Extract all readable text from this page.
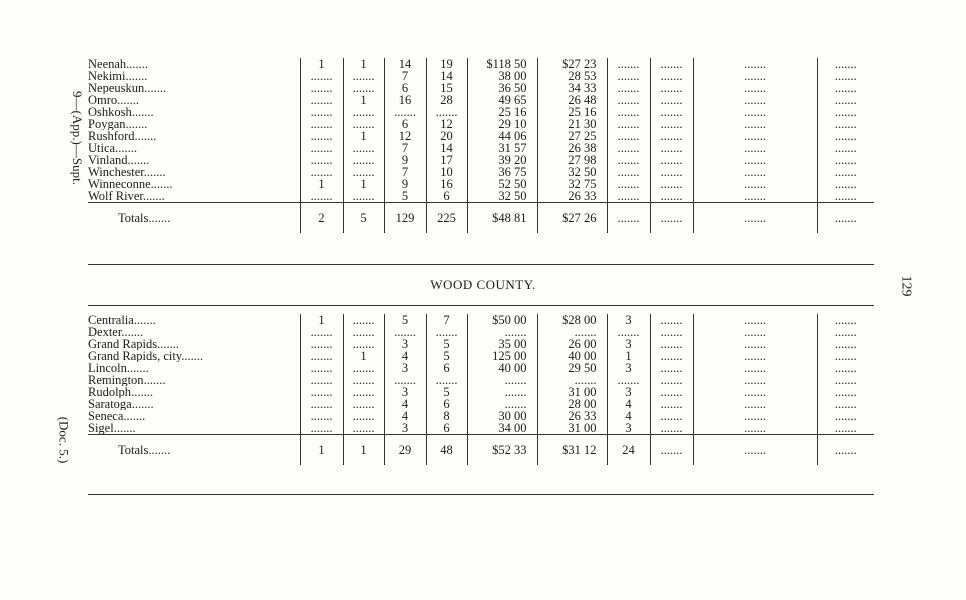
9—(App.)—Supt.
(Doc. 5.)
129
Neenah.......	1	1	14	19	$118 50	$27 23	.......	.......	.......	.......
Nekimi.......	.......	.......	7	14	38 00	28 53	.......	.......	.......	.......
Nepeuskun.......	.......	.......	6	15	36 50	34 33	.......	.......	.......	.......
Omro.......	.......	1	16	28	49 65	26 48	.......	.......	.......	.......
Oshkosh.......	.......	.......	.......	.......	25 16	25 16	.......	.......	.......	.......
Poygan.......	.......	.......	6	12	29 10	21 30	.......	.......	.......	.......
Rushford.......	.......	1	12	20	44 06	27 25	.......	.......	.......	.......
Utica.......	.......	.......	7	14	31 57	26 38	.......	.......	.......	.......
Vinland.......	.......	.......	9	17	39 20	27 98	.......	.......	.......	.......
Winchester.......	.......	.......	7	10	36 75	32 50	.......	.......	.......	.......
Winneconne.......	1	1	9	16	52 50	32 75	.......	.......	.......	.......
Wolf River.......	.......	.......	5	6	32 50	26 33	.......	.......	.......	.......
Totals.......	2	5	129	225	$48 81	$27 26	.......	.......	.......	.......
WOOD COUNTY.
Centralia.......	1	.......	5	7	$50 00	$28 00	3	.......	.......	.......
Dexter.......	.......	.......	.......	.......	.......	.......	.......	.......	.......	.......
Grand Rapids.......	.......	.......	3	5	35 00	26 00	3	.......	.......	.......
Grand Rapids, city.......	.......	1	4	5	125 00	40 00	1	.......	.......	.......
Lincoln.......	.......	.......	3	6	40 00	29 50	3	.......	.......	.......
Remington.......	.......	.......	.......	.......	.......	.......	.......	.......	.......	.......
Rudolph.......	.......	.......	3	5	.......	31 00	3	.......	.......	.......
Saratoga.......	.......	.......	4	6	.......	28 00	4	.......	.......	.......
Seneca.......	.......	.......	4	8	30 00	26 33	4	.......	.......	.......
Sigel.......	.......	.......	3	6	34 00	31 00	3	.......	.......	.......
Totals.......	1	1	29	48	$52 33	$31 12	24	.......	.......	.......
